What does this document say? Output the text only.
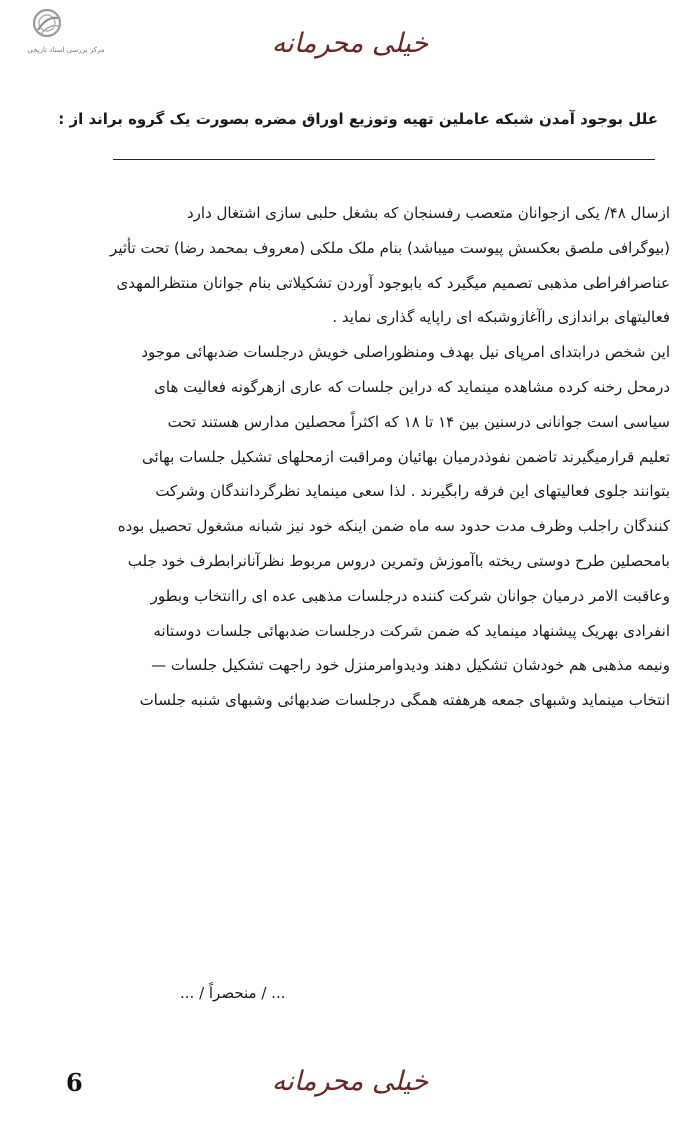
مرکز بررسی اسناد تاریخی	خیلی محرمانه
علل بوجود آمدن شبکه عاملین تهیه وتوزیع اوراق مضره بصورت یک گروه براند از :
ازسال ۴۸/ یکی ازجوانان متعصب رفسنجان که بشغل حلبی سازی اشتغال دارد
(بیوگرافی ملصق بعکسش پیوست میباشد) بنام ملک ملکی (معروف بمحمد رضا) تحت تأثیر
عناصرافراطی مذهبی تصمیم میگیرد که بابوجود آوردن تشکیلاتی بنام جوانان منتظرالمهدی
فعالیتهای براندازی راآغازوشبکه ای راپایه گذاری نماید .
این شخص درابتدای امرپای نیل بهدف ومنظوراصلی خویش درجلسات ضدبهائی موجود
درمحل رخنه کرده مشاهده مینماید که دراین جلسات که عاری ازهرگونه فعالیت های
سیاسی است جوانانی درسنین بین ۱۴ تا ۱۸ که اکثراً محصلین مدارس هستند تحت
تعلیم قرارمیگیرند تاضمن نفوذدرمیان بهائیان ومراقبت ازمحلهای تشکیل جلسات بهائی
بتوانند جلوی فعالیتهای این فرقه رابگیرند . لذا سعی مینماید نظرگردانندگان وشرکت
کنندگان راجلب وظرف مدت حدود سه ماه ضمن اینکه خود نیز شبانه مشغول تحصیل بوده
بامحصلین طرح دوستی ریخته باآموزش وتمرین دروس مربوط نظرآنانرابطرف خود جلب
وعاقبت الامر درمیان جوانان شرکت کننده درجلسات مذهبی عده ای راانتخاب وبطور
انفرادی بهریک پیشنهاد مینماید که ضمن شرکت درجلسات ضدبهائی جلسات دوستانه
ونیمه مذهبی هم خودشان تشکیل دهند ودیدوامرمنزل خود راجهت تشکیل جلسات —
انتخاب مینماید وشبهای جمعه هرهفته همگی درجلسات ضدبهائی وشبهای شنبه جلسات
... / منحصراً / ...
6	خیلی محرمانه
